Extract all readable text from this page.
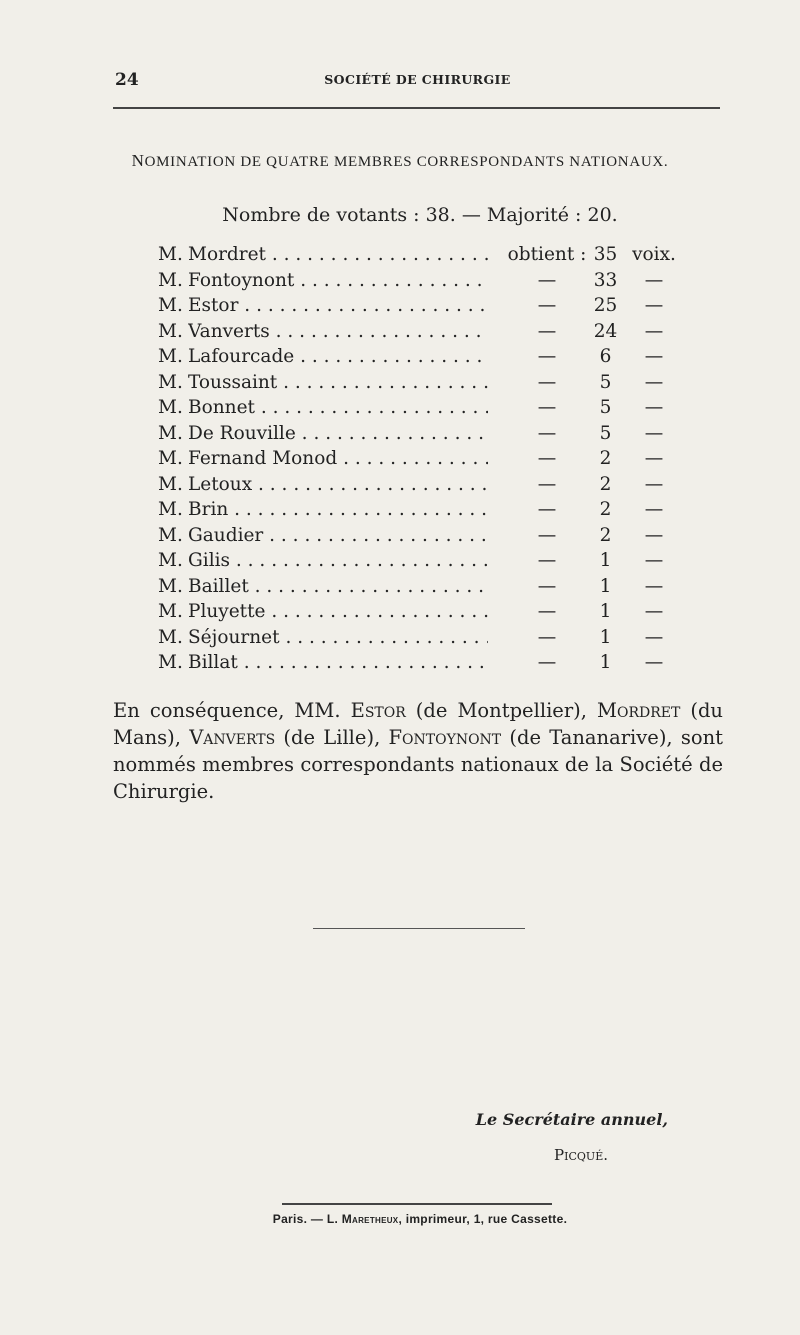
24	SOCIÉTÉ DE CHIRURGIE
NOMINATION DE QUATRE MEMBRES CORRESPONDANTS NATIONAUX.
Nombre de votants : 38. — Majorité : 20.
M. Mordret . . .	obtient : 35 voix.
M. Fontoynont . . .	—	33	—
M. Estor . . .	—	25	—
M. Vanverts . . .	—	24	—
M. Lafourcade . . .	—	6	—
M. Toussaint . . .	—	5	—
M. Bonnet . . .	—	5	—
M. De Rouville . . .	—	5	—
M. Fernand Monod . . .	—	2	—
M. Letoux . . .	—	2	—
M. Brin . . .	—	2	—
M. Gaudier . . .	—	2	—
M. Gilis . . .	—	1	—
M. Baillet . . .	—	1	—
M. Pluyette . . .	—	1	—
M. Séjournet . . .	—	1	—
M. Billat . . .	—	1	—
En conséquence, MM. Estor (de Montpellier), Mordret (du Mans), Vanverts (de Lille), Fontoynont (de Tananarive), sont nommés membres correspondants nationaux de la Société de Chirurgie.
Le Secrétaire annuel,
Picqué.
Paris. — L. Maretheux, imprimeur, 1, rue Cassette.
